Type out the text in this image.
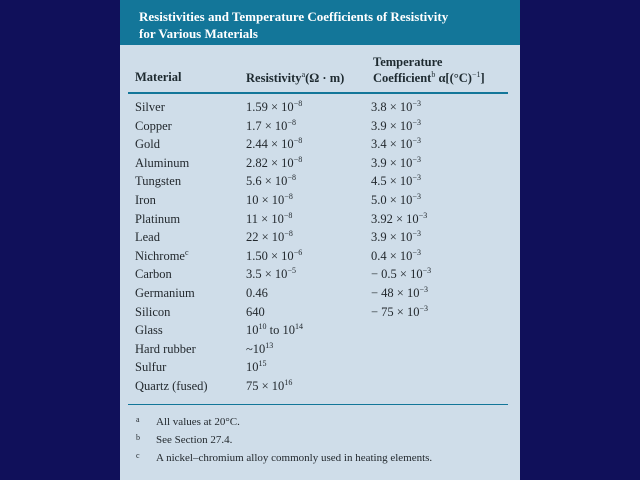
Resistivities and Temperature Coefficients of Resistivity
for Various Materials
Material	Resistivity$^a$(Ω · m)
Temperature
Coefficient$^b$ $\alpha[(^\circ C)^{-1}]$
Silver	$1.59 \times 10^{-8}$	$3.8 \times 10^{-3}$
Copper	$1.7 \times 10^{-8}$	$3.9 \times 10^{-3}$
Gold	$2.44 \times 10^{-8}$	$3.4 \times 10^{-3}$
Aluminum	$2.82 \times 10^{-8}$	$3.9 \times 10^{-3}$
Tungsten	$5.6 \times 10^{-8}$	$4.5 \times 10^{-3}$
Iron	$10 \times 10^{-8}$	$5.0 \times 10^{-3}$
Platinum	$11 \times 10^{-8}$	$3.92 \times 10^{-3}$
Lead	$22 \times 10^{-8}$	$3.9 \times 10^{-3}$
Nichrome$^c$	$1.50 \times 10^{-6}$	$0.4 \times 10^{-3}$
Carbon	$3.5 \times 10^{-5}$	− $0.5 \times 10^{-3}$
Germanium	0.46	− $48 \times 10^{-3}$
Silicon	640	− $75 \times 10^{-3}$
Glass	$10^{10}$ to $10^{14}$
Hard rubber	$\sim 10^{13}$
Sulfur	$10^{15}$
Quartz (fused)	$75 \times 10^{16}$
a All values at 20°C.
b See Section 27.4.
c A nickel–chromium alloy commonly used in heating elements.
